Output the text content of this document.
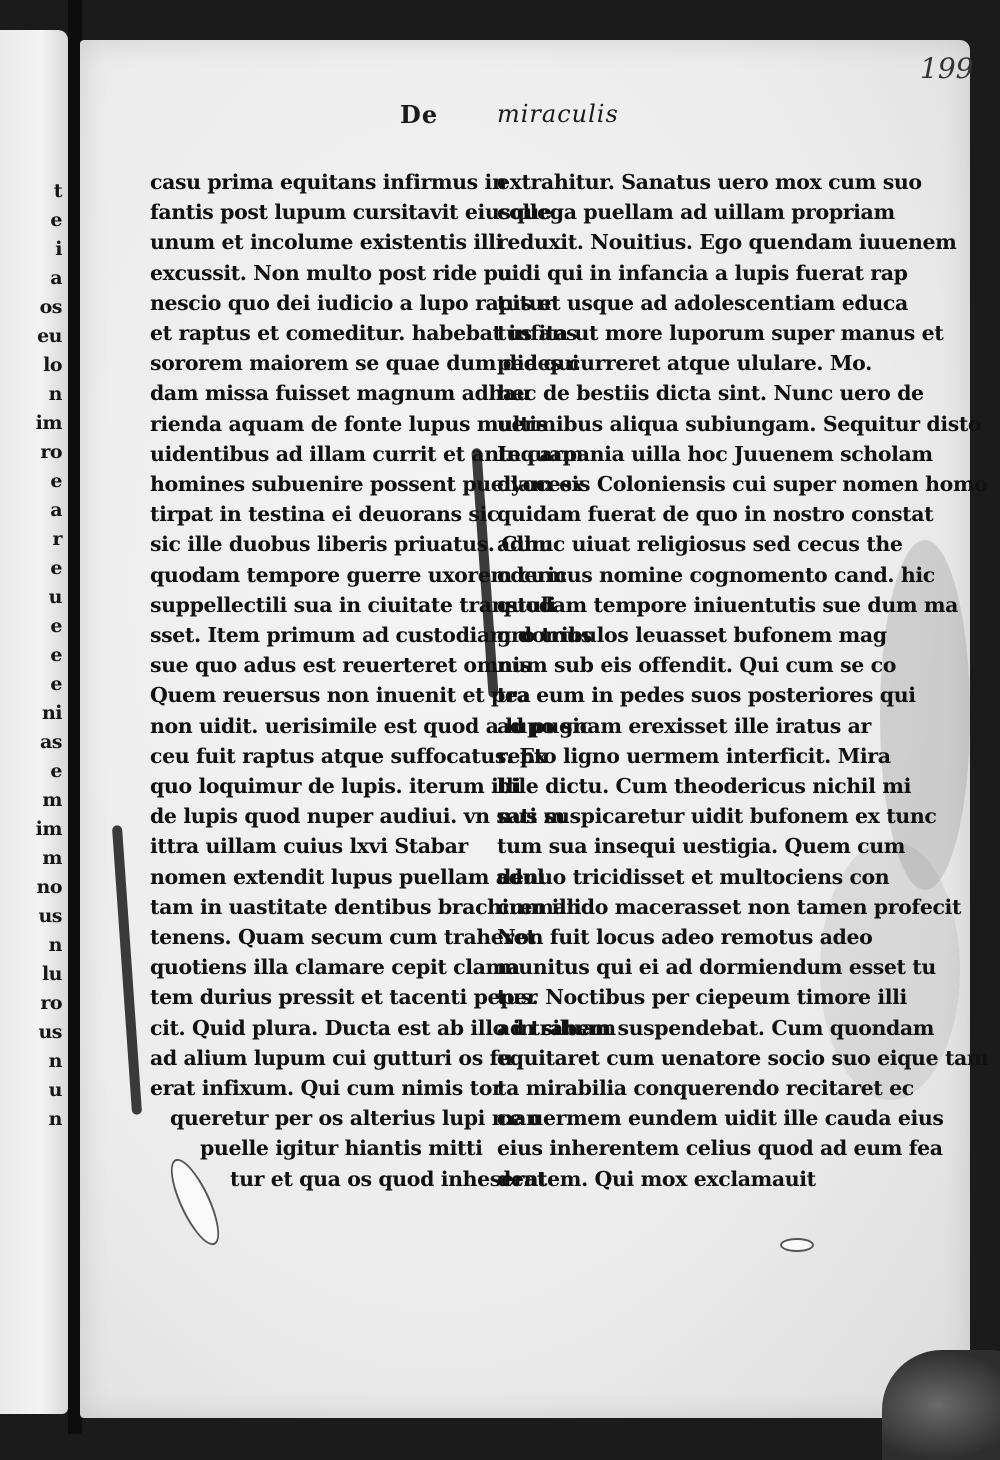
t
e
i
a
os
eu
lo
n
im
ro
e
a
r
e
u
e
e
e
ni
as
e
m
im
m
no
us
n
lu
ro
us
n
u
n
De miraculis
199
casu prima equitans infirmus in
fantis post lupum cursitavit eiusque
unum et incolume existentis illi
excussit. Non multo post ride pu
nescio quo dei iudicio a lupo rapitur
et raptus et comeditur. habebat infans
sororem maiorem se quae dum die qui
dam missa fuisset magnum adhau
rienda aquam de fonte lupus multis
uidentibus ad illam currit et antequam
homines subuenire possent puellam ex
tirpat in testina ei deuorans sic
sic ille duobus liberis priuatus. Cum
quodam tempore guerre uxorem cum
suppellectili sua in ciuitate transtuli
sset. Item primum ad custodiam domus
sue quo adus est reuerteret omnis
Quem reuersus non inuenit et pea
non uidit. uerisimile est quod a lupo sic
ceu fuit raptus atque suffocatus. Ex
quo loquimur de lupis. iterum illi
de lupis quod nuper audiui. vn sati m
ittra uillam cuius lxvi Stabar
nomen extendit lupus puellam adul
tam in uastitate dentibus brachium illi
tenens. Quam secum cum traheret
quotiens illa clamare cepit clama
tem durius pressit et tacenti peper
cit. Quid plura. Ducta est ab illo in siluam
ad alium lupum cui gutturi os fu
erat infixum. Qui cum nimis tor
queretur per os alterius lupi man
puelle igitur hiantis mitti
tur et qua os quod inheserat
extrahitur. Sanatus uero mox cum suo
collega puellam ad uillam propriam
reduxit. Nouitius. Ego quendam iuuenem
uidi qui in infancia a lupis fuerat rap
tus et usque ad adolescentiam educa
tus ita ut more luporum super manus et
pedes curreret atque ululare. Mo.
hec de bestiis dicta sint. Nunc uero de
uermibus aliqua subiungam. Sequitur disto
In carpania uilla hoc Juuenem scholam
dyocesis Coloniensis cui super nomen homo
quidam fuerat de quo in nostro constat
adhuc uiuat religiosus sed cecus the
odericus nomine cognomento cand. hic
quodam tempore iniuentutis sue dum ma
gro tribulos leuasset bufonem mag
num sub eis offendit. Qui cum se co
tra eum in pedes suos posteriores qui
ad pugnam erexisset ille iratus ar
repto ligno uermem interficit. Mira
bile dictu. Cum theodericus nichil mi
nus suspicaretur uidit bufonem ex tunc
tum sua insequi uestigia. Quem cum
denuo tricidisset et multociens con
cremando macerasset non tamen profecit
Non fuit locus adeo remotus adeo
munitus qui ei ad dormiendum esset tu
tus. Noctibus per ciepeum timore illi
ad trabem suspendebat. Cum quondam
equitaret cum uenatore socio suo eique tam
ta mirabilia conquerendo recitaret ec
ce uermem eundem uidit ille cauda eius
eius inherentem celius quod ad eum fea
dentem. Qui mox exclamauit
